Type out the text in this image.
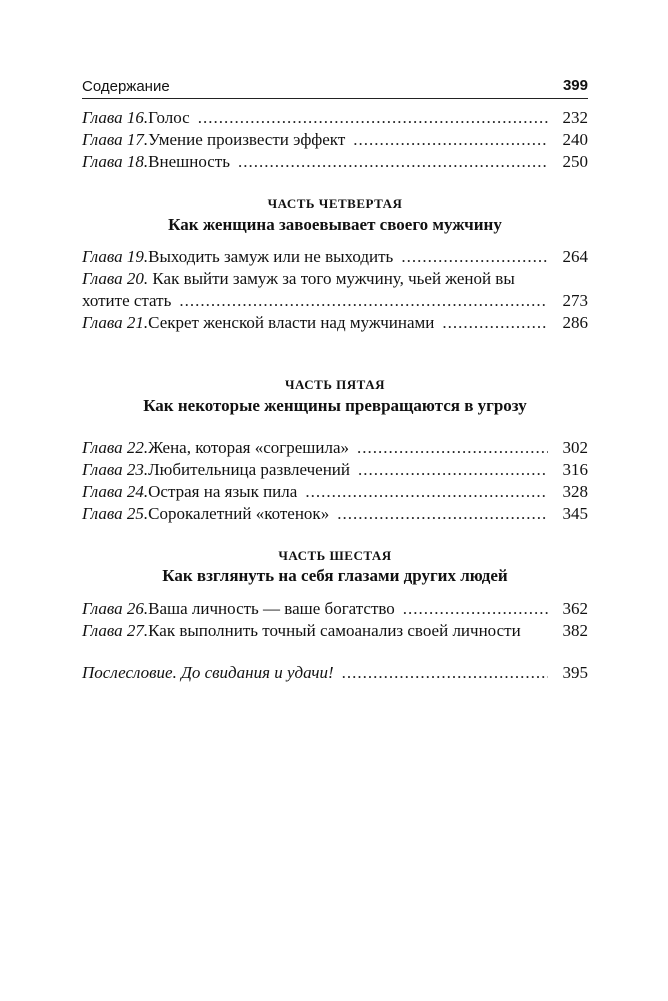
Содержание	399
Глава 16. Голос .....	232
Глава 17. Умение произвести эффект .....	240
Глава 18. Внешность .....	250
ЧАСТЬ ЧЕТВЕРТАЯ
Как женщина завоевывает своего мужчину
Глава 19. Выходить замуж или не выходить .....	264
Глава 20. Как выйти замуж за того мужчину, чьей женой вы
хотите стать .....	273
Глава 21. Секрет женской власти над мужчинами .....	286
ЧАСТЬ ПЯТАЯ
Как некоторые женщины превращаются в угрозу
Глава 22. Жена, которая «согрешила» .....	302
Глава 23. Любительница развлечений .....	316
Глава 24. Острая на язык пила .....	328
Глава 25. Сорокалетний «котенок» .....	345
ЧАСТЬ ШЕСТАЯ
Как взглянуть на себя глазами других людей
Глава 26. Ваша личность — ваше богатство .....	362
Глава 27. Как выполнить точный самоанализ своей личности	382
Послесловие. До свидания и удачи! .....	395
